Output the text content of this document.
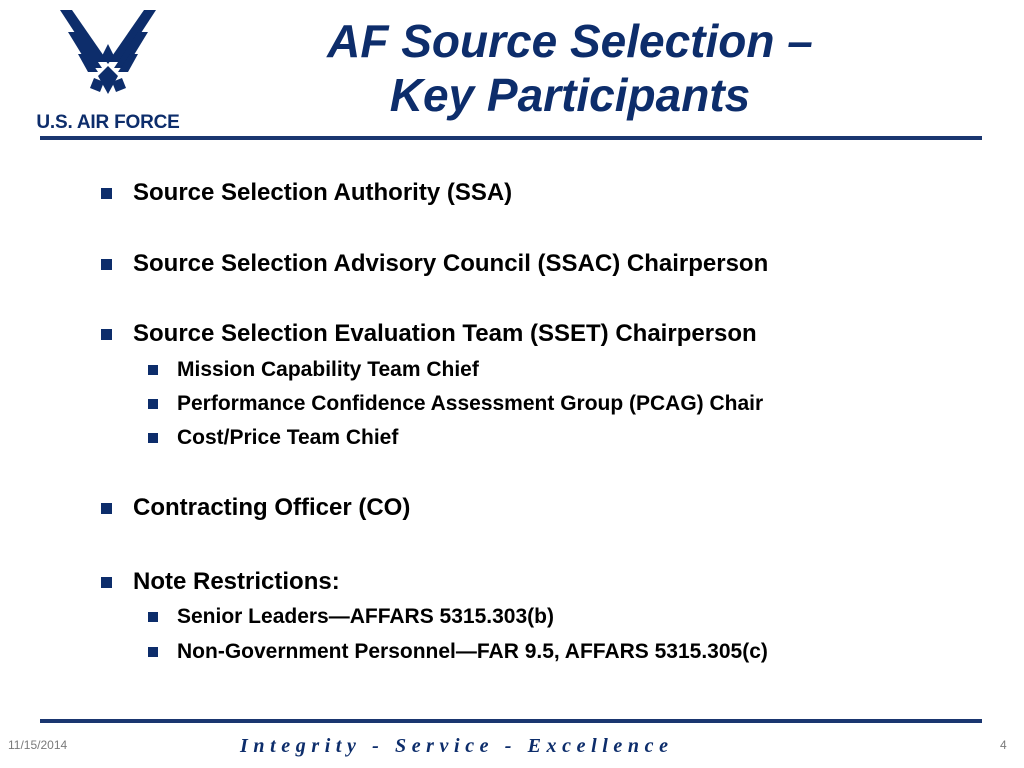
U.S. AIR FORCE
AF Source Selection –
Key Participants
Source Selection Authority (SSA)
Source Selection Advisory Council (SSAC) Chairperson
Source Selection Evaluation Team (SSET) Chairperson
Mission Capability Team Chief
Performance Confidence Assessment Group (PCAG) Chair
Cost/Price Team Chief
Contracting Officer (CO)
Note Restrictions:
Senior Leaders—AFFARS 5315.303(b)
Non-Government Personnel—FAR 9.5, AFFARS 5315.305(c)
11/15/2014	Integrity - Service - Excellence	4
